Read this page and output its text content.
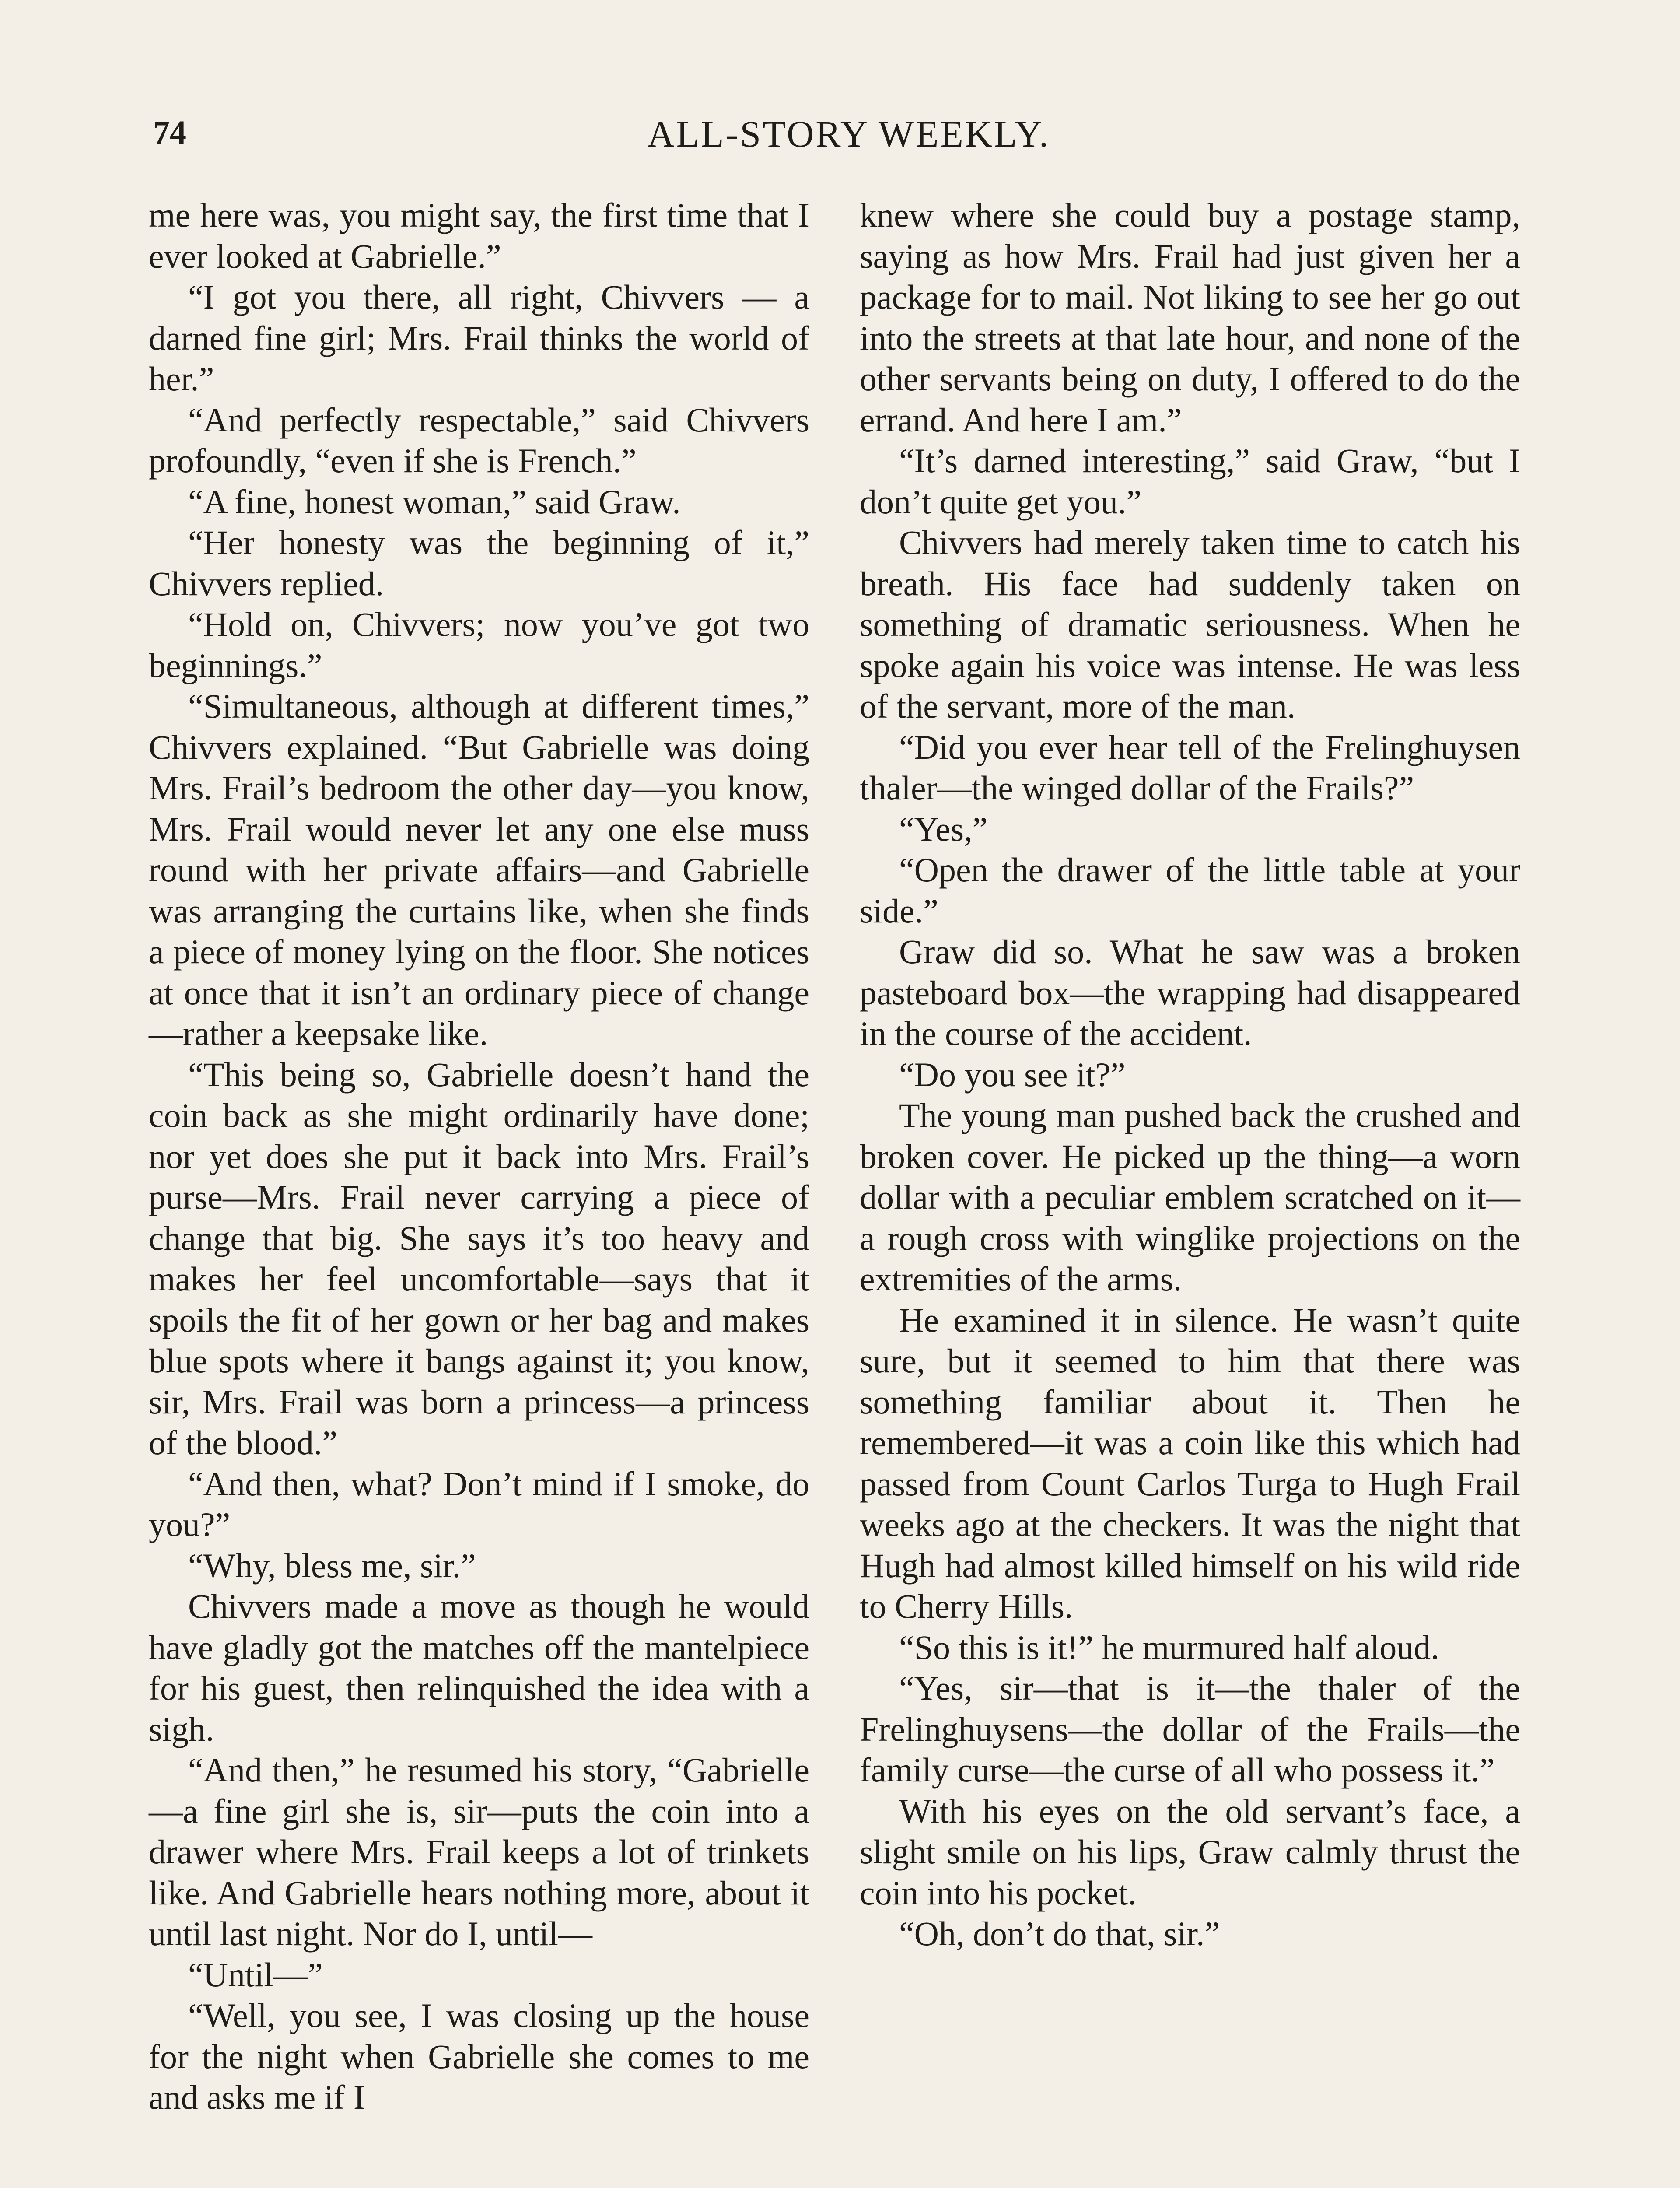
74	ALL-STORY WEEKLY.

me here was, you might say, the first time that I ever looked at Gabrielle.”

“I got you there, all right, Chivvers — a darned fine girl; Mrs. Frail thinks the world of her.”

“And perfectly respectable,” said Chivvers profoundly, “even if she is French.”

“A fine, honest woman,” said Graw.

“Her honesty was the beginning of it,” Chivvers replied.

“Hold on, Chivvers; now you’ve got two beginnings.”

“Simultaneous, although at different times,” Chivvers explained. “But Gabrielle was doing Mrs. Frail’s bedroom the other day—you know, Mrs. Frail would never let any one else muss round with her private affairs—and Gabrielle was arranging the curtains like, when she finds a piece of money lying on the floor. She notices at once that it isn’t an ordinary piece of change—rather a keepsake like.

“This being so, Gabrielle doesn’t hand the coin back as she might ordinarily have done; nor yet does she put it back into Mrs. Frail’s purse—Mrs. Frail never carrying a piece of change that big. She says it’s too heavy and makes her feel uncomfortable—says that it spoils the fit of her gown or her bag and makes blue spots where it bangs against it; you know, sir, Mrs. Frail was born a princess—a princess of the blood.”

“And then, what? Don’t mind if I smoke, do you?”

“Why, bless me, sir.”

Chivvers made a move as though he would have gladly got the matches off the mantelpiece for his guest, then relinquished the idea with a sigh.

“And then,” he resumed his story, “Gabrielle—a fine girl she is, sir—puts the coin into a drawer where Mrs. Frail keeps a lot of trinkets like. And Gabrielle hears nothing more, about it until last night. Nor do I, until—

“Until—”

“Well, you see, I was closing up the house for the night when Gabrielle she comes to me and asks me if I

knew where she could buy a postage stamp, saying as how Mrs. Frail had just given her a package for to mail. Not liking to see her go out into the streets at that late hour, and none of the other servants being on duty, I offered to do the errand. And here I am.”

“It’s darned interesting,” said Graw, “but I don’t quite get you.”

Chivvers had merely taken time to catch his breath. His face had suddenly taken on something of dramatic seriousness. When he spoke again his voice was intense. He was less of the servant, more of the man.

“Did you ever hear tell of the Frelinghuysen thaler—the winged dollar of the Frails?”

“Yes,”

“Open the drawer of the little table at your side.”

Graw did so. What he saw was a broken pasteboard box—the wrapping had disappeared in the course of the accident.

“Do you see it?”

The young man pushed back the crushed and broken cover. He picked up the thing—a worn dollar with a peculiar emblem scratched on it—a rough cross with winglike projections on the extremities of the arms.

He examined it in silence. He wasn’t quite sure, but it seemed to him that there was something familiar about it. Then he remembered—it was a coin like this which had passed from Count Carlos Turga to Hugh Frail weeks ago at the checkers. It was the night that Hugh had almost killed himself on his wild ride to Cherry Hills.

“So this is it!” he murmured half aloud.

“Yes, sir—that is it—the thaler of the Frelinghuysens—the dollar of the Frails—the family curse—the curse of all who possess it.”

With his eyes on the old servant’s face, a slight smile on his lips, Graw calmly thrust the coin into his pocket.

“Oh, don’t do that, sir.”
